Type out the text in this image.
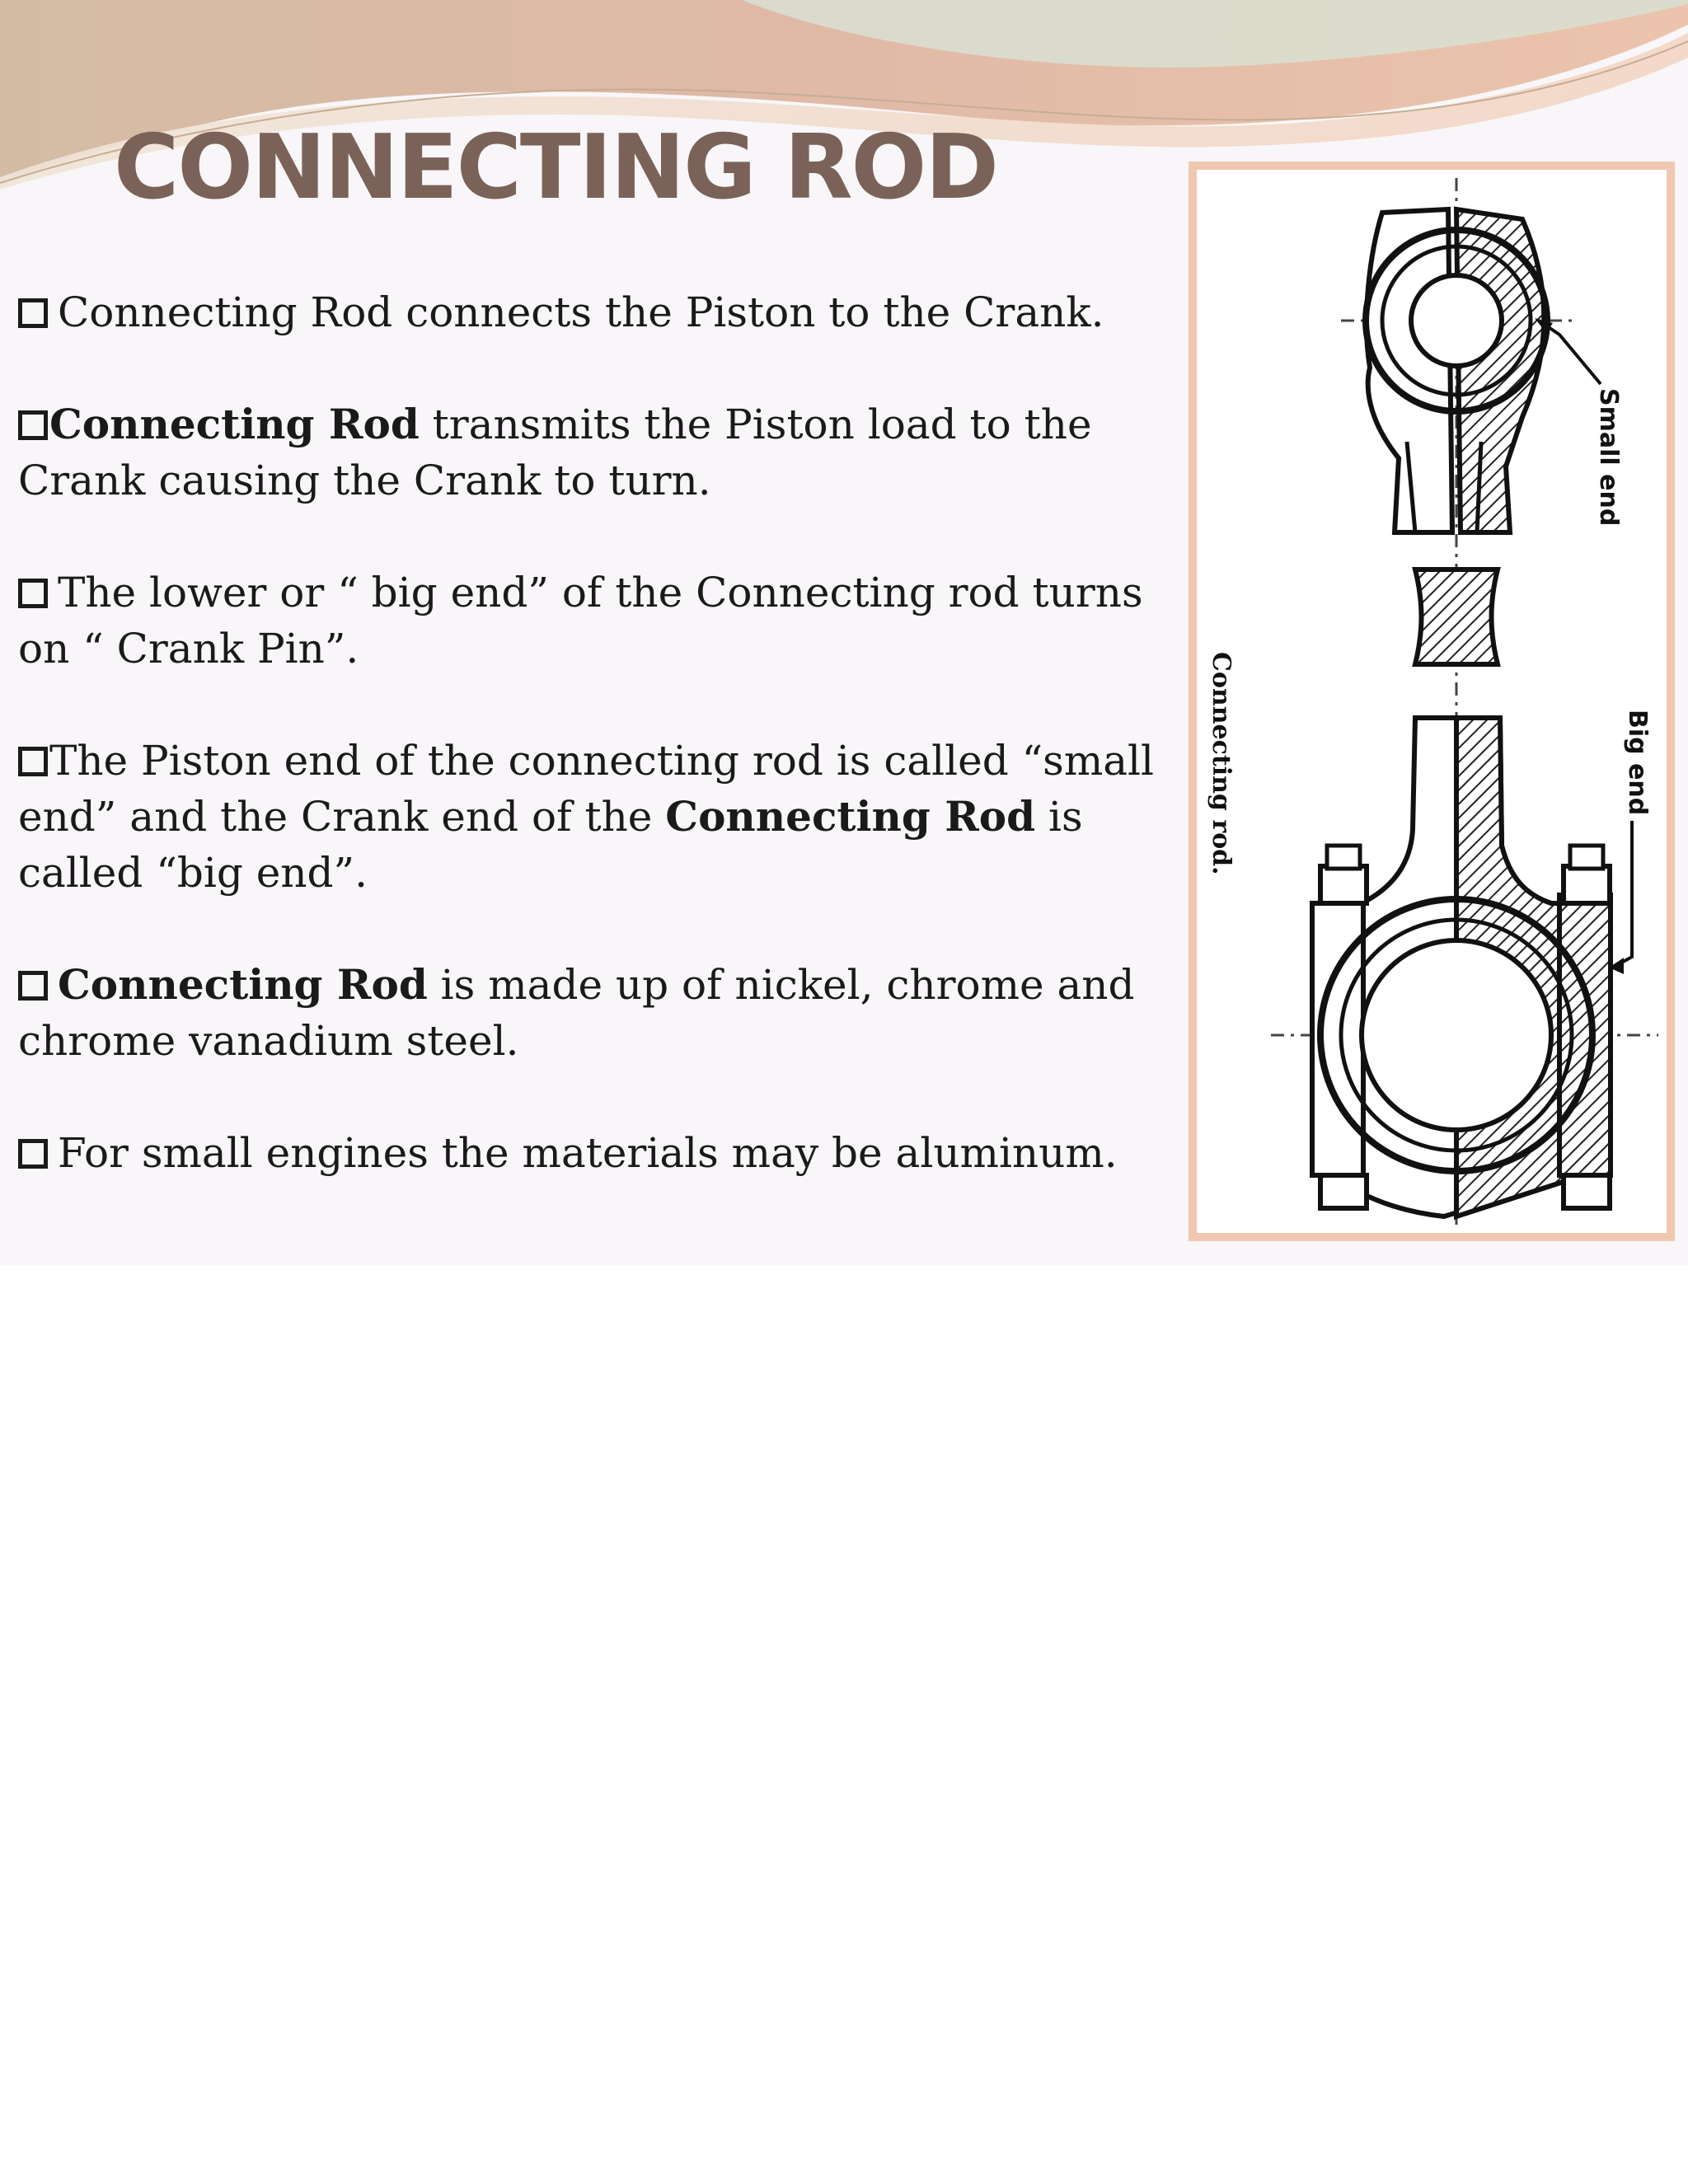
CONNECTING ROD
Connecting Rod connects the Piston to the Crank.
Connecting Rod transmits the Piston load to the Crank causing the Crank to turn.
The lower or “ big end” of the Connecting rod turns on “ Crank Pin”.
The Piston end of the connecting rod is called “small end” and the Crank end of the Connecting Rod is called “big end”.
Connecting Rod is made up of nickel, chrome and chrome vanadium steel.
For small engines the materials may be aluminum.
Small end
Big end
Connecting rod.
